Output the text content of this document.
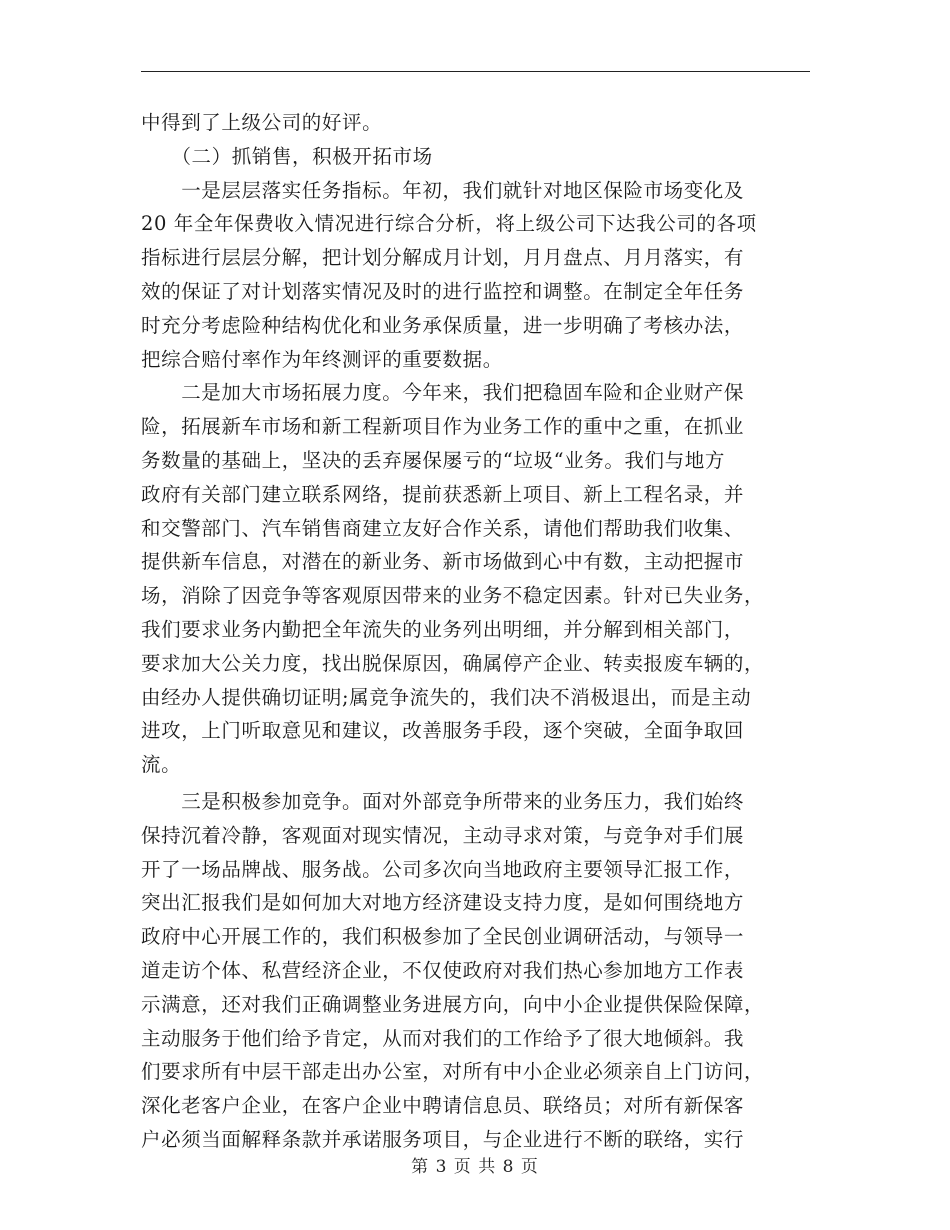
中得到了上级公司的好评。
　　（二）抓销售，积极开拓市场
　　一是层层落实任务指标。年初，我们就针对地区保险市场变化及
20 年全年保费收入情况进行综合分析，将上级公司下达我公司的各项
指标进行层层分解，把计划分解成月计划，月月盘点、月月落实，有
效的保证了对计划落实情况及时的进行监控和调整。在制定全年任务
时充分考虑险种结构优化和业务承保质量，进一步明确了考核办法，
把综合赔付率作为年终测评的重要数据。
　　二是加大市场拓展力度。今年来，我们把稳固车险和企业财产保
险，拓展新车市场和新工程新项目作为业务工作的重中之重，在抓业
务数量的基础上，坚决的丢弃屡保屡亏的“垃圾“业务。我们与地方
政府有关部门建立联系网络，提前获悉新上项目、新上工程名录，并
和交警部门、汽车销售商建立友好合作关系，请他们帮助我们收集、
提供新车信息，对潜在的新业务、新市场做到心中有数，主动把握市
场，消除了因竞争等客观原因带来的业务不稳定因素。针对已失业务，
我们要求业务内勤把全年流失的业务列出明细，并分解到相关部门，
要求加大公关力度，找出脱保原因，确属停产企业、转卖报废车辆的，
由经办人提供确切证明;属竞争流失的，我们决不消极退出，而是主动
进攻，上门听取意见和建议，改善服务手段，逐个突破，全面争取回
流。
　　三是积极参加竞争。面对外部竞争所带来的业务压力，我们始终
保持沉着冷静，客观面对现实情况，主动寻求对策，与竞争对手们展
开了一场品牌战、服务战。公司多次向当地政府主要领导汇报工作，
突出汇报我们是如何加大对地方经济建设支持力度，是如何围绕地方
政府中心开展工作的，我们积极参加了全民创业调研活动，与领导一
道走访个体、私营经济企业，不仅使政府对我们热心参加地方工作表
示满意，还对我们正确调整业务进展方向，向中小企业提供保险保障，
主动服务于他们给予肯定，从而对我们的工作给予了很大地倾斜。我
们要求所有中层干部走出办公室，对所有中小企业必须亲自上门访问，
深化老客户企业，在客户企业中聘请信息员、联络员；对所有新保客
户必须当面解释条款并承诺服务项目，与企业进行不断的联络，实行
第 3 页 共 8 页
